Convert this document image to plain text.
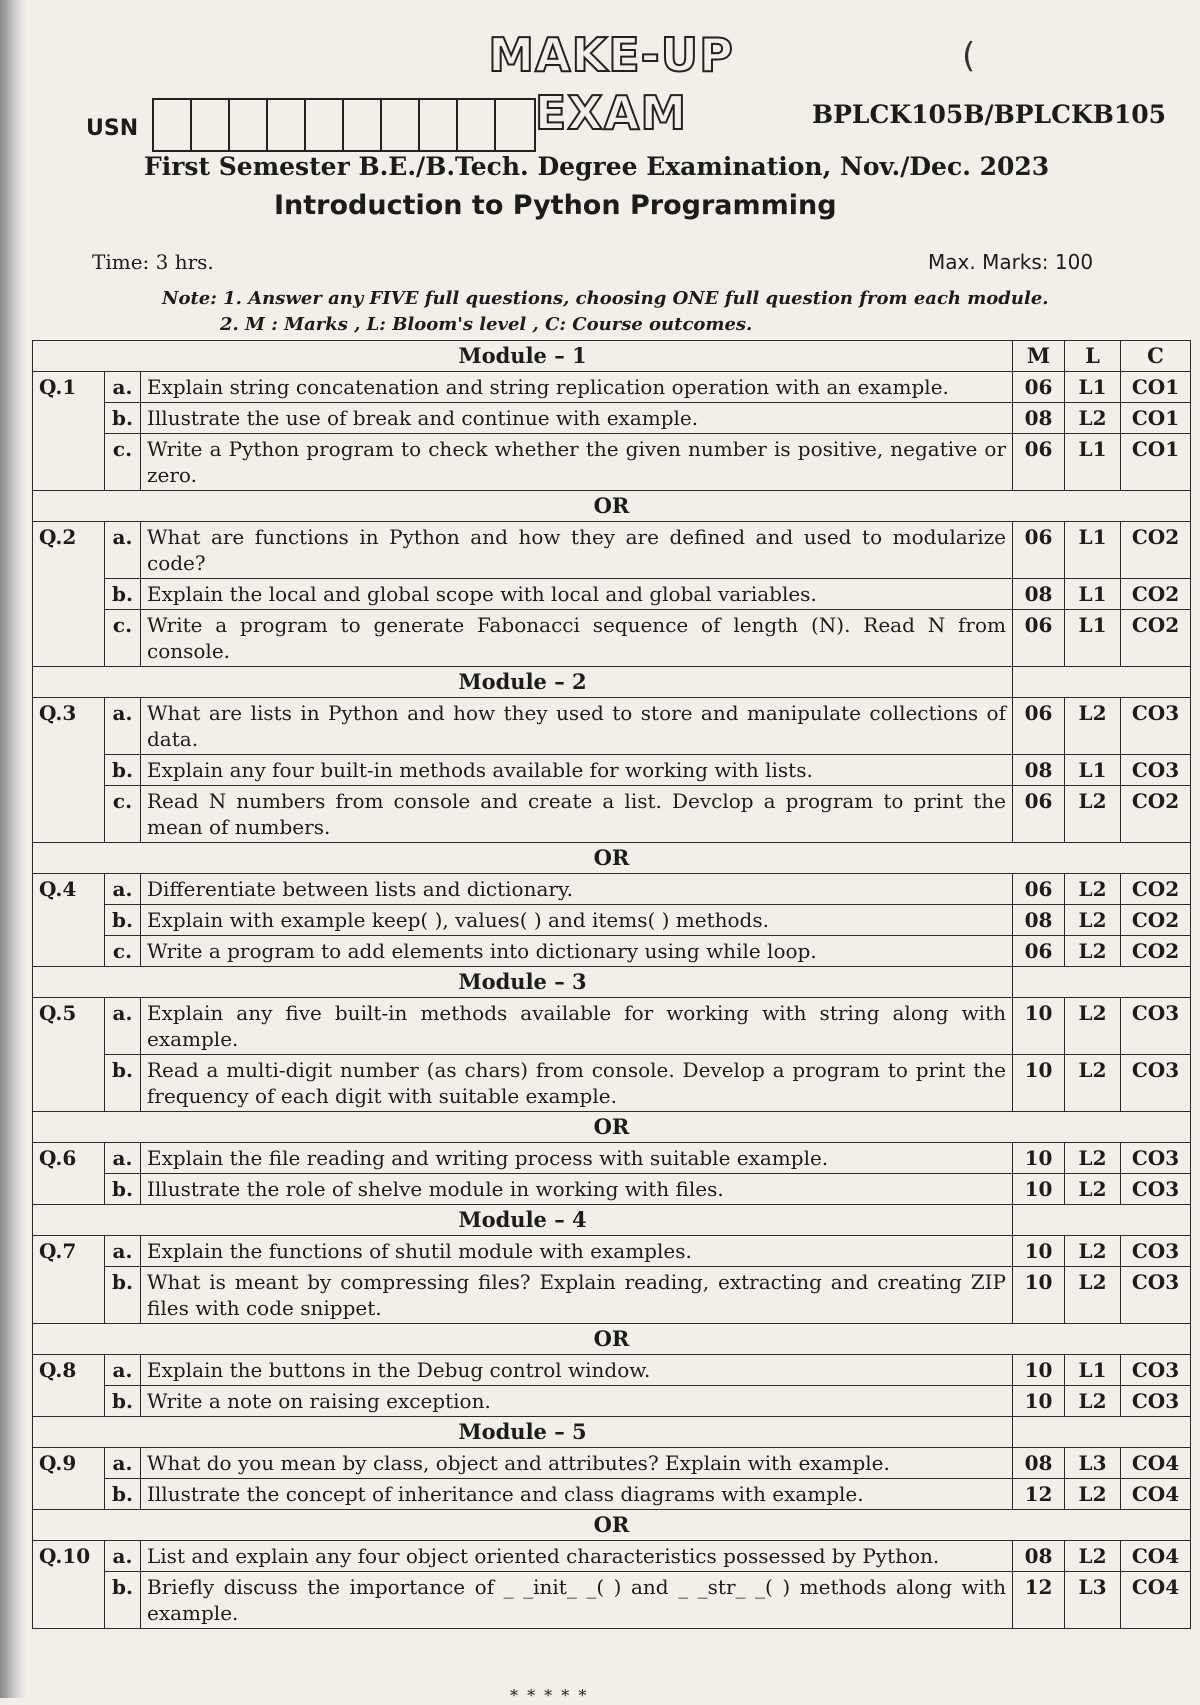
MAKE-UP EXAM
(
USN	BPLCK105B/BPLCKB105
First Semester B.E./B.Tech. Degree Examination, Nov./Dec. 2023
Introduction to Python Programming
Time: 3 hrs.	Max. Marks: 100
Note: 1. Answer any FIVE full questions, choosing ONE full question from each module.
2. M : Marks , L: Bloom's level , C: Course outcomes.
Module – 1			M	L	C
Q.1	a.	Explain string concatenation and string replication operation with an example.	06	L1	CO1
	b.	Illustrate the use of break and continue with example.	08	L2	CO1
	c.	Write a Python program to check whether the given number is positive, negative or zero.	06	L1	CO1
OR					
Q.2	a.	What are functions in Python and how they are defined and used to modularize code?	06	L1	CO2
	b.	Explain the local and global scope with local and global variables.	08	L1	CO2
	c.	Write a program to generate Fabonacci sequence of length (N). Read N from console.	06	L1	CO2
Module – 2					
Q.3	a.	What are lists in Python and how they used to store and manipulate collections of data.	06	L2	CO3
	b.	Explain any four built-in methods available for working with lists.	08	L1	CO3
	c.	Read N numbers from console and create a list. Devclop a program to print the mean of numbers.	06	L2	CO2
OR					
Q.4	a.	Differentiate between lists and dictionary.	06	L2	CO2
	b.	Explain with example keep( ), values( ) and items( ) methods.	08	L2	CO2
	c.	Write a program to add elements into dictionary using while loop.	06	L2	CO2
Module – 3					
Q.5	a.	Explain any five built-in methods available for working with string along with example.	10	L2	CO3
	b.	Read a multi-digit number (as chars) from console. Develop a program to print the frequency of each digit with suitable example.	10	L2	CO3
OR					
Q.6	a.	Explain the file reading and writing process with suitable example.	10	L2	CO3
	b.	Illustrate the role of shelve module in working with files.	10	L2	CO3
Module – 4					
Q.7	a.	Explain the functions of shutil module with examples.	10	L2	CO3
	b.	What is meant by compressing files? Explain reading, extracting and creating ZIP files with code snippet.	10	L2	CO3
OR					
Q.8	a.	Explain the buttons in the Debug control window.	10	L1	CO3
	b.	Write a note on raising exception.	10	L2	CO3
Module – 5					
Q.9	a.	What do you mean by class, object and attributes? Explain with example.	08	L3	CO4
	b.	Illustrate the concept of inheritance and class diagrams with example.	12	L2	CO4
OR					
Q.10	a.	List and explain any four object oriented characteristics possessed by Python.	08	L2	CO4
	b.	Briefly discuss the importance of _ _init_ _( ) and _ _str_ _( ) methods along with example.	12	L3	CO4
* * * * *
